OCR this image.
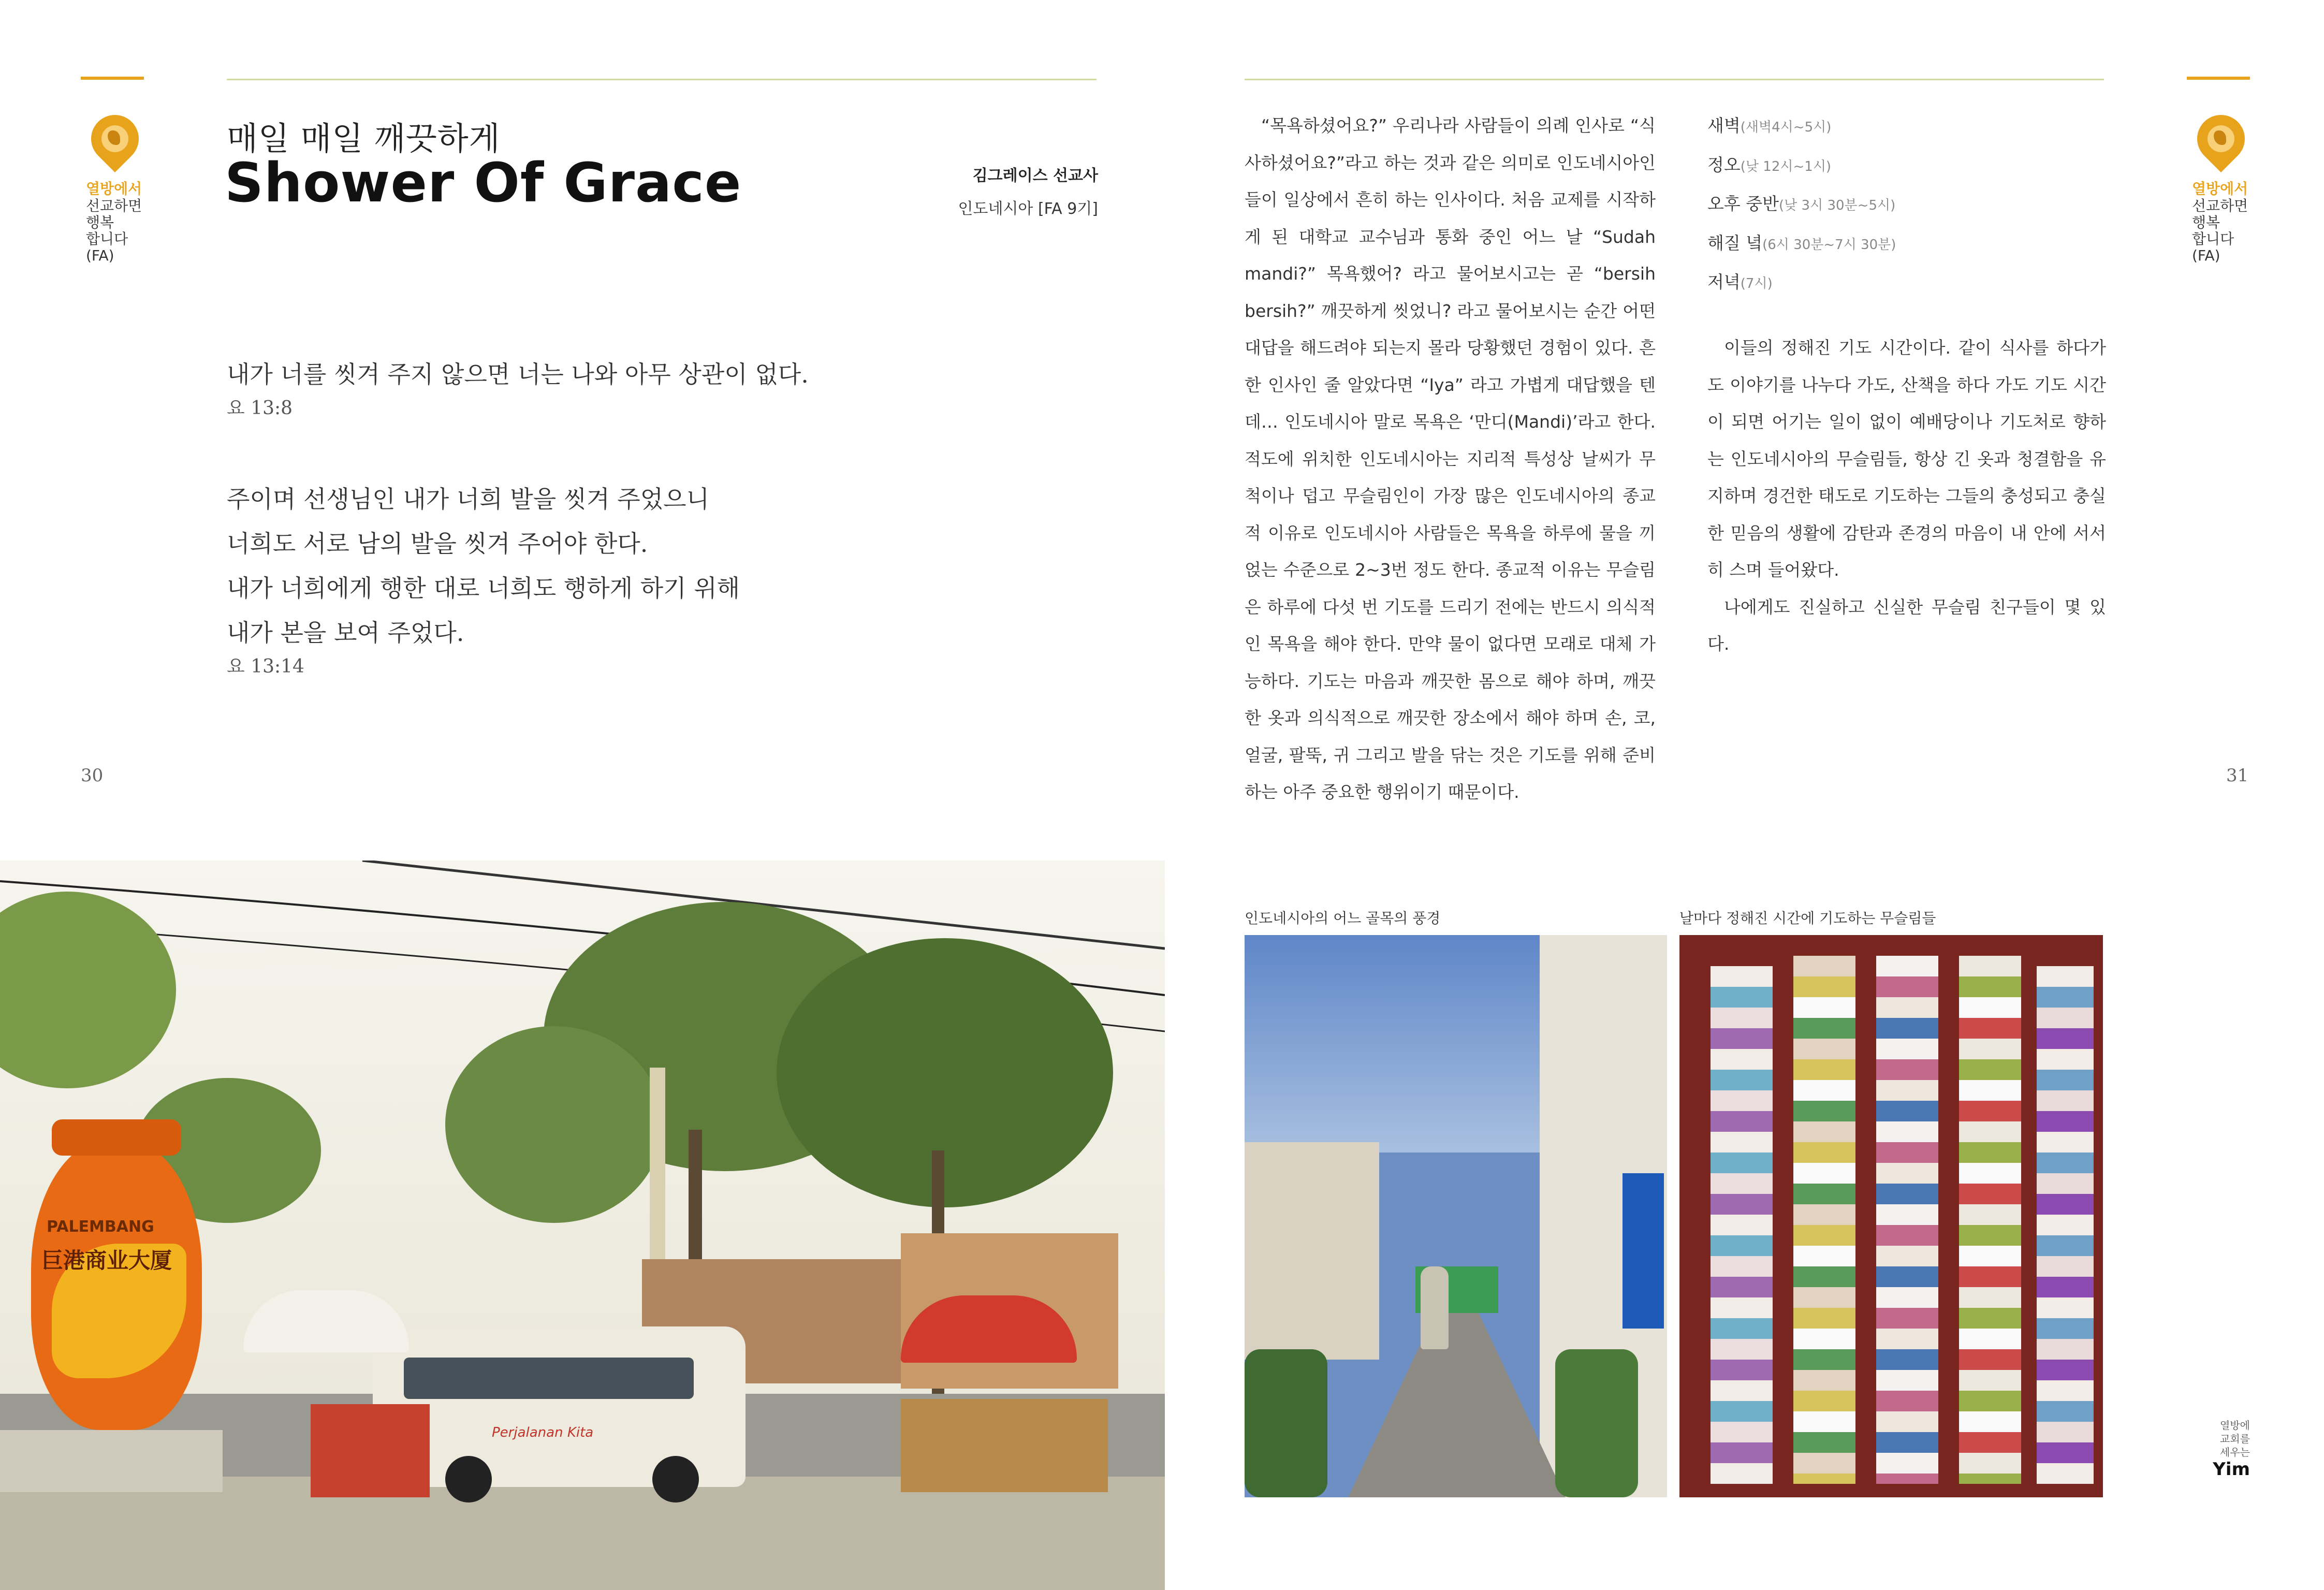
열방에서
선교하면
행복
합니다
(FA)
매일 매일 깨끗하게
Shower Of Grace	김그레이스 선교사
인도네시아 [FA 9기]
내가 너를 씻겨 주지 않으면 너는 나와 아무 상관이 없다.
요 13:8
주이며 선생님인 내가 너희 발을 씻겨 주었으니
너희도 서로 남의 발을 씻겨 주어야 한다.
내가 너희에게 행한 대로 너희도 행하게 하기 위해
내가 본을 보여 주었다.
요 13:14
30
PALEMBANG
巨港商业大厦
Perjalanan Kita

“목욕하셨어요?” 우리나라 사람들이 의례 인사로 “식사하셨어요?”라고 하는 것과 같은 의미로 인도네시아인들이 일상에서 흔히 하는 인사이다. 처음 교제를 시작하게 된 대학교 교수님과 통화 중인 어느 날 “Sudah mandi?” 목욕했어? 라고 물어보시고는 곧 “bersih bersih?” 깨끗하게 씻었니? 라고 물어보시는 순간 어떤 대답을 해드려야 되는지 몰라 당황했던 경험이 있다. 흔한 인사인 줄 알았다면 “Iya” 라고 가볍게 대답했을 텐데… 인도네시아 말로 목욕은 ‘만디(Mandi)’라고 한다. 적도에 위치한 인도네시아는 지리적 특성상 날씨가 무척이나 덥고 무슬림인이 가장 많은 인도네시아의 종교적 이유로 인도네시아 사람들은 목욕을 하루에 물을 끼얹는 수준으로 2~3번 정도 한다. 종교적 이유는 무슬림은 하루에 다섯 번 기도를 드리기 전에는 반드시 의식적인 목욕을 해야 한다. 만약 물이 없다면 모래로 대체 가능하다. 기도는 마음과 깨끗한 몸으로 해야 하며, 깨끗한 옷과 의식적으로 깨끗한 장소에서 해야 하며 손, 코, 얼굴, 팔뚝, 귀 그리고 발을 닦는 것은 기도를 위해 준비하는 아주 중요한 행위이기 때문이다.

새벽(새벽4시~5시)
정오(낮 12시~1시)
오후 중반(낮 3시 30분~5시)
해질 녘(6시 30분~7시 30분)
저녁(7시)

이들의 정해진 기도 시간이다. 같이 식사를 하다가도 이야기를 나누다 가도, 산책을 하다 가도 기도 시간이 되면 어기는 일이 없이 예배당이나 기도처로 향하는 인도네시아의 무슬림들, 항상 긴 옷과 청결함을 유지하며 경건한 태도로 기도하는 그들의 충성되고 충실한 믿음의 생활에 감탄과 존경의 마음이 내 안에 서서히 스며 들어왔다.

나에게도 진실하고 신실한 무슬림 친구들이 몇 있다.

31
열방에서
선교하면
행복
합니다
(FA)
인도네시아의 어느 골목의 풍경	날마다 정해진 시간에 기도하는 무슬림들
열방에
교회를
세우는
Yim
